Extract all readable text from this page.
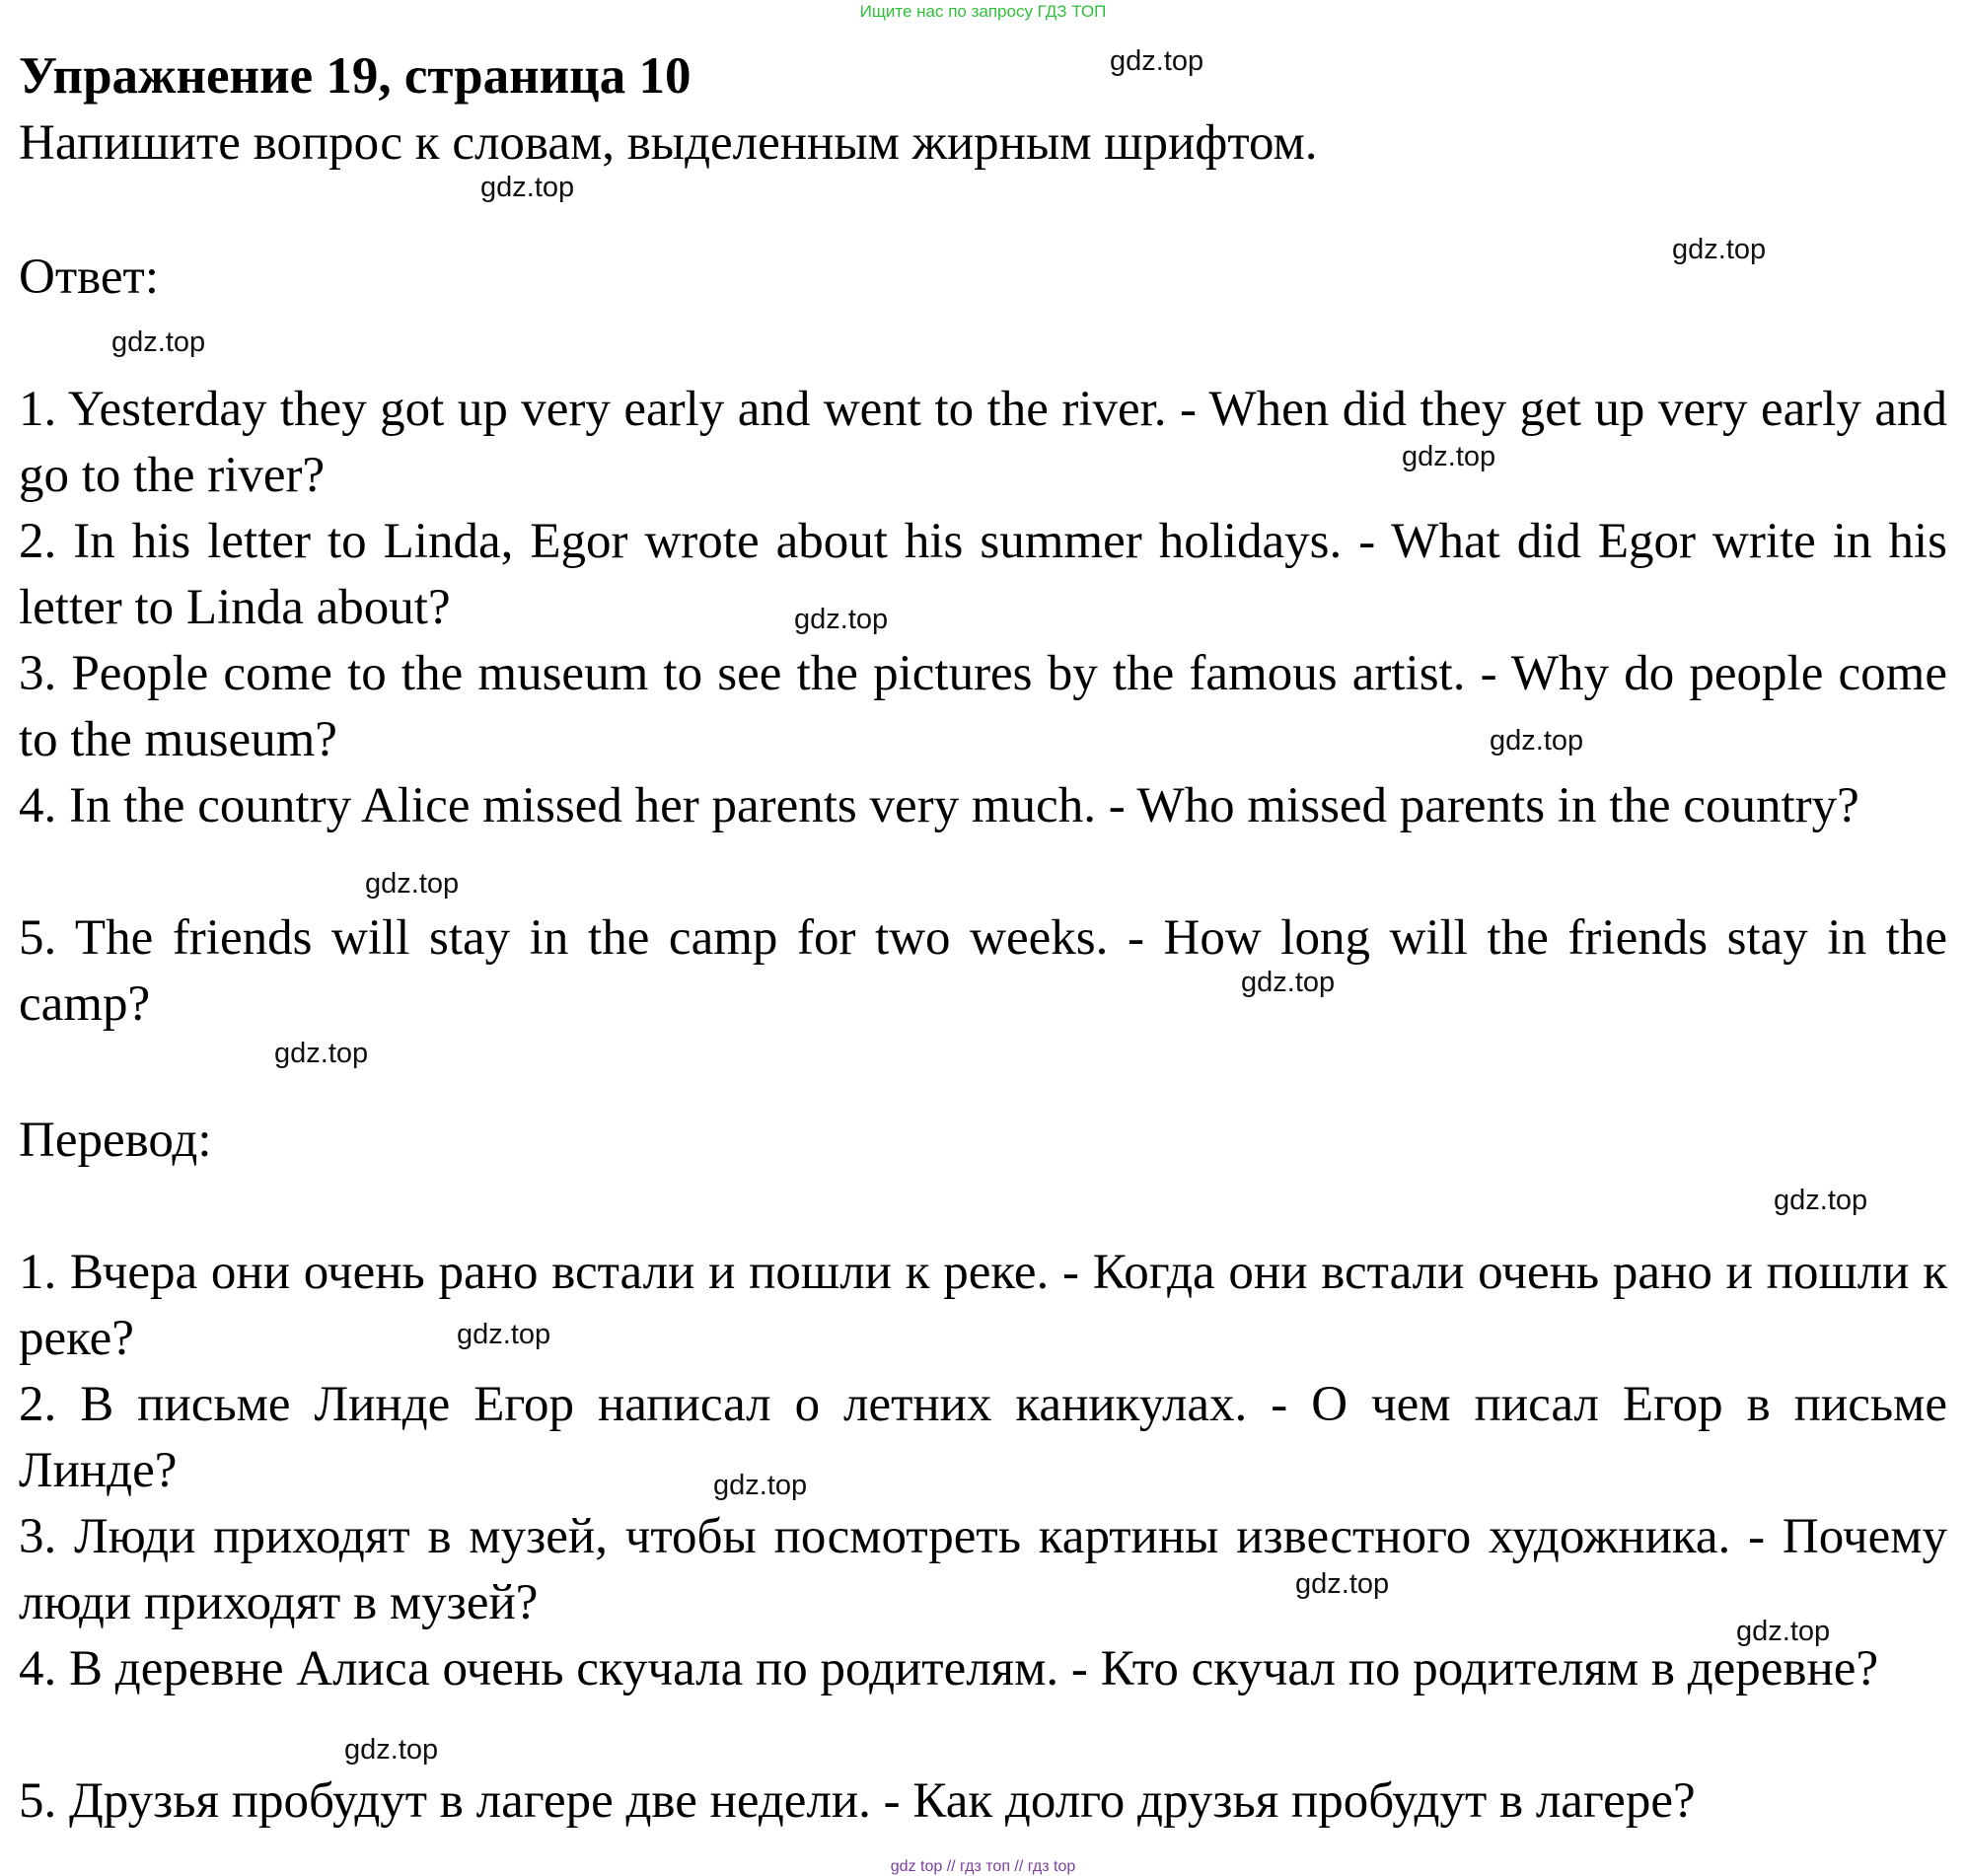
Ищите нас по запросу ГДЗ ТОП
Упражнение 19, страница 10
Напишите вопрос к словам, выделенным жирным шрифтом.
Ответ:
1. Yesterday they got up very early and went to the river. - When did they get up very early and go to the river?
2. In his letter to Linda, Egor wrote about his summer holidays. - What did Egor write in his letter to Linda about?
3. People come to the museum to see the pictures by the famous artist. - Why do people come to the museum?
4. In the country Alice missed her parents very much. - Who missed parents in the country?
5. The friends will stay in the camp for two weeks. - How long will the friends stay in the camp?
Перевод:
1. Вчера они очень рано встали и пошли к реке. - Когда они встали очень рано и пошли к реке?
2. В письме Линде Егор написал о летних каникулах. - О чем писал Егор в письме Линде?
3. Люди приходят в музей, чтобы посмотреть картины известного художника. - Почему люди приходят в музей?
4. В деревне Алиса очень скучала по родителям. - Кто скучал по родителям в деревне?
5. Друзья пробудут в лагере две недели. - Как долго друзья пробудут в лагере?
gdz.top
gdz.top
gdz.top
gdz.top
gdz.top
gdz.top
gdz.top
gdz.top
gdz.top
gdz.top
gdz.top
gdz.top
gdz.top
gdz.top
gdz.top
gdz.top
gdz top // гдз топ // гдз top
